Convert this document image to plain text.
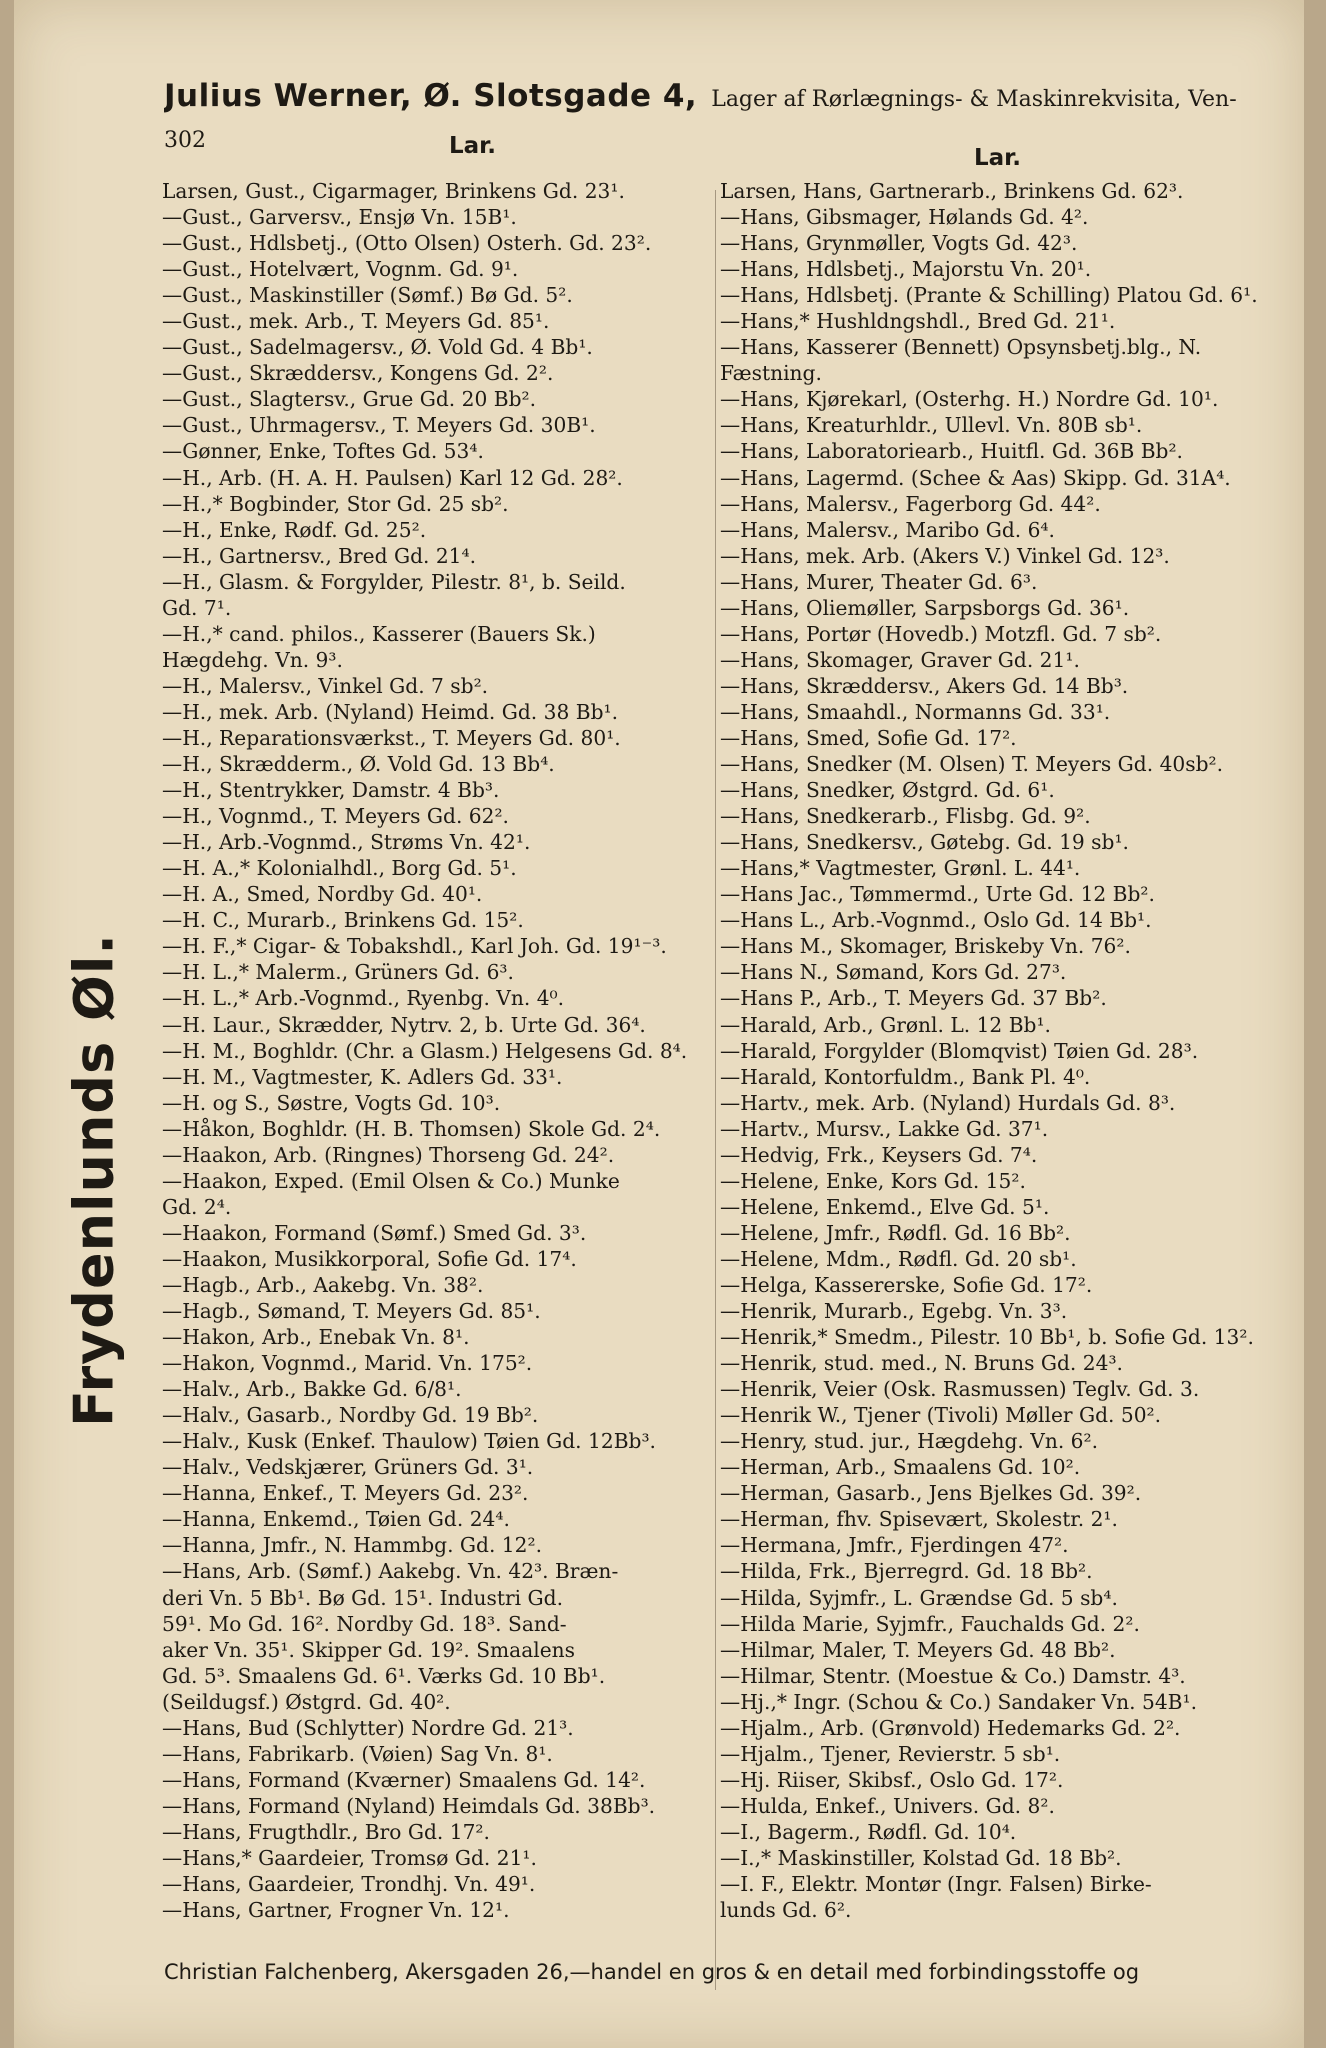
Julius Werner, Ø. Slotsgade 4, Lager af Rørlægnings- & Maskinrekvisita, Ven-
302	Lar.	Lar.
Frydenlunds Øl.
Larsen, Gust., Cigarmager, Brinkens Gd. 23¹.
—Gust., Garversv., Ensjø Vn. 15B¹.
—Gust., Hdlsbetj., (Otto Olsen) Osterh. Gd. 23².
—Gust., Hotelvært, Vognm. Gd. 9¹.
—Gust., Maskinstiller (Sømf.) Bø Gd. 5².
—Gust., mek. Arb., T. Meyers Gd. 85¹.
—Gust., Sadelmagersv., Ø. Vold Gd. 4 Bb¹.
—Gust., Skræddersv., Kongens Gd. 2².
—Gust., Slagtersv., Grue Gd. 20 Bb².
—Gust., Uhrmagersv., T. Meyers Gd. 30B¹.
—Gønner, Enke, Toftes Gd. 53⁴.
—H., Arb. (H. A. H. Paulsen) Karl 12 Gd. 28².
—H.,* Bogbinder, Stor Gd. 25 sb².
—H., Enke, Rødf. Gd. 25².
—H., Gartnersv., Bred Gd. 21⁴.
—H., Glasm. & Forgylder, Pilestr. 8¹, b. Seild.
Gd. 7¹.
—H.,* cand. philos., Kasserer (Bauers Sk.)
Hægdehg. Vn. 9³.
—H., Malersv., Vinkel Gd. 7 sb².
—H., mek. Arb. (Nyland) Heimd. Gd. 38 Bb¹.
—H., Reparationsværkst., T. Meyers Gd. 80¹.
—H., Skrædderm., Ø. Vold Gd. 13 Bb⁴.
—H., Stentrykker, Damstr. 4 Bb³.
—H., Vognmd., T. Meyers Gd. 62².
—H., Arb.-Vognmd., Strøms Vn. 42¹.
—H. A.,* Kolonialhdl., Borg Gd. 5¹.
—H. A., Smed, Nordby Gd. 40¹.
—H. C., Murarb., Brinkens Gd. 15².
—H. F.,* Cigar- & Tobakshdl., Karl Joh. Gd. 19¹⁻³.
—H. L.,* Malerm., Grüners Gd. 6³.
—H. L.,* Arb.-Vognmd., Ryenbg. Vn. 4⁰.
—H. Laur., Skrædder, Nytrv. 2, b. Urte Gd. 36⁴.
—H. M., Boghldr. (Chr. a Glasm.) Helgesens Gd. 8⁴.
—H. M., Vagtmester, K. Adlers Gd. 33¹.
—H. og S., Søstre, Vogts Gd. 10³.
—Håkon, Boghldr. (H. B. Thomsen) Skole Gd. 2⁴.
—Haakon, Arb. (Ringnes) Thorseng Gd. 24².
—Haakon, Exped. (Emil Olsen & Co.) Munke
Gd. 2⁴.
—Haakon, Formand (Sømf.) Smed Gd. 3³.
—Haakon, Musikkorporal, Sofie Gd. 17⁴.
—Hagb., Arb., Aakebg. Vn. 38².
—Hagb., Sømand, T. Meyers Gd. 85¹.
—Hakon, Arb., Enebak Vn. 8¹.
—Hakon, Vognmd., Marid. Vn. 175².
—Halv., Arb., Bakke Gd. 6/8¹.
—Halv., Gasarb., Nordby Gd. 19 Bb².
—Halv., Kusk (Enkef. Thaulow) Tøien Gd. 12Bb³.
—Halv., Vedskjærer, Grüners Gd. 3¹.
—Hanna, Enkef., T. Meyers Gd. 23².
—Hanna, Enkemd., Tøien Gd. 24⁴.
—Hanna, Jmfr., N. Hammbg. Gd. 12².
—Hans, Arb. (Sømf.) Aakebg. Vn. 42³. Bræn-
deri Vn. 5 Bb¹. Bø Gd. 15¹. Industri Gd.
59¹. Mo Gd. 16². Nordby Gd. 18³. Sand-
aker Vn. 35¹. Skipper Gd. 19². Smaalens
Gd. 5³. Smaalens Gd. 6¹. Værks Gd. 10 Bb¹.
(Seildugsf.) Østgrd. Gd. 40².
—Hans, Bud (Schlytter) Nordre Gd. 21³.
—Hans, Fabrikarb. (Vøien) Sag Vn. 8¹.
—Hans, Formand (Kværner) Smaalens Gd. 14².
—Hans, Formand (Nyland) Heimdals Gd. 38Bb³.
—Hans, Frugthdlr., Bro Gd. 17².
—Hans,* Gaardeier, Tromsø Gd. 21¹.
—Hans, Gaardeier, Trondhj. Vn. 49¹.
—Hans, Gartner, Frogner Vn. 12¹.
Larsen, Hans, Gartnerarb., Brinkens Gd. 62³.
—Hans, Gibsmager, Hølands Gd. 4².
—Hans, Grynmøller, Vogts Gd. 42³.
—Hans, Hdlsbetj., Majorstu Vn. 20¹.
—Hans, Hdlsbetj. (Prante & Schilling) Platou Gd. 6¹.
—Hans,* Hushldngshdl., Bred Gd. 21¹.
—Hans, Kasserer (Bennett) Opsynsbetj.blg., N.
Fæstning.
—Hans, Kjørekarl, (Osterhg. H.) Nordre Gd. 10¹.
—Hans, Kreaturhldr., Ullevl. Vn. 80B sb¹.
—Hans, Laboratoriearb., Huitfl. Gd. 36B Bb².
—Hans, Lagermd. (Schee & Aas) Skipp. Gd. 31A⁴.
—Hans, Malersv., Fagerborg Gd. 44².
—Hans, Malersv., Maribo Gd. 6⁴.
—Hans, mek. Arb. (Akers V.) Vinkel Gd. 12³.
—Hans, Murer, Theater Gd. 6³.
—Hans, Oliemøller, Sarpsborgs Gd. 36¹.
—Hans, Portør (Hovedb.) Motzfl. Gd. 7 sb².
—Hans, Skomager, Graver Gd. 21¹.
—Hans, Skræddersv., Akers Gd. 14 Bb³.
—Hans, Smaahdl., Normanns Gd. 33¹.
—Hans, Smed, Sofie Gd. 17².
—Hans, Snedker (M. Olsen) T. Meyers Gd. 40sb².
—Hans, Snedker, Østgrd. Gd. 6¹.
—Hans, Snedkerarb., Flisbg. Gd. 9².
—Hans, Snedkersv., Gøtebg. Gd. 19 sb¹.
—Hans,* Vagtmester, Grønl. L. 44¹.
—Hans Jac., Tømmermd., Urte Gd. 12 Bb².
—Hans L., Arb.-Vognmd., Oslo Gd. 14 Bb¹.
—Hans M., Skomager, Briskeby Vn. 76².
—Hans N., Sømand, Kors Gd. 27³.
—Hans P., Arb., T. Meyers Gd. 37 Bb².
—Harald, Arb., Grønl. L. 12 Bb¹.
—Harald, Forgylder (Blomqvist) Tøien Gd. 28³.
—Harald, Kontorfuldm., Bank Pl. 4⁰.
—Hartv., mek. Arb. (Nyland) Hurdals Gd. 8³.
—Hartv., Mursv., Lakke Gd. 37¹.
—Hedvig, Frk., Keysers Gd. 7⁴.
—Helene, Enke, Kors Gd. 15².
—Helene, Enkemd., Elve Gd. 5¹.
—Helene, Jmfr., Rødfl. Gd. 16 Bb².
—Helene, Mdm., Rødfl. Gd. 20 sb¹.
—Helga, Kassererske, Sofie Gd. 17².
—Henrik, Murarb., Egebg. Vn. 3³.
—Henrik,* Smedm., Pilestr. 10 Bb¹, b. Sofie Gd. 13².
—Henrik, stud. med., N. Bruns Gd. 24³.
—Henrik, Veier (Osk. Rasmussen) Teglv. Gd. 3.
—Henrik W., Tjener (Tivoli) Møller Gd. 50².
—Henry, stud. jur., Hægdehg. Vn. 6².
—Herman, Arb., Smaalens Gd. 10².
—Herman, Gasarb., Jens Bjelkes Gd. 39².
—Herman, fhv. Spisevært, Skolestr. 2¹.
—Hermana, Jmfr., Fjerdingen 47².
—Hilda, Frk., Bjerregrd. Gd. 18 Bb².
—Hilda, Syjmfr., L. Grændse Gd. 5 sb⁴.
—Hilda Marie, Syjmfr., Fauchalds Gd. 2².
—Hilmar, Maler, T. Meyers Gd. 48 Bb².
—Hilmar, Stentr. (Moestue & Co.) Damstr. 4³.
—Hj.,* Ingr. (Schou & Co.) Sandaker Vn. 54B¹.
—Hjalm., Arb. (Grønvold) Hedemarks Gd. 2².
—Hjalm., Tjener, Revierstr. 5 sb¹.
—Hj. Riiser, Skibsf., Oslo Gd. 17².
—Hulda, Enkef., Univers. Gd. 8².
—I., Bagerm., Rødfl. Gd. 10⁴.
—I.,* Maskinstiller, Kolstad Gd. 18 Bb².
—I. F., Elektr. Montør (Ingr. Falsen) Birke-
lunds Gd. 6².
Christian Falchenberg, Akersgaden 26,—handel en gros & en detail med forbindingsstoffe og
